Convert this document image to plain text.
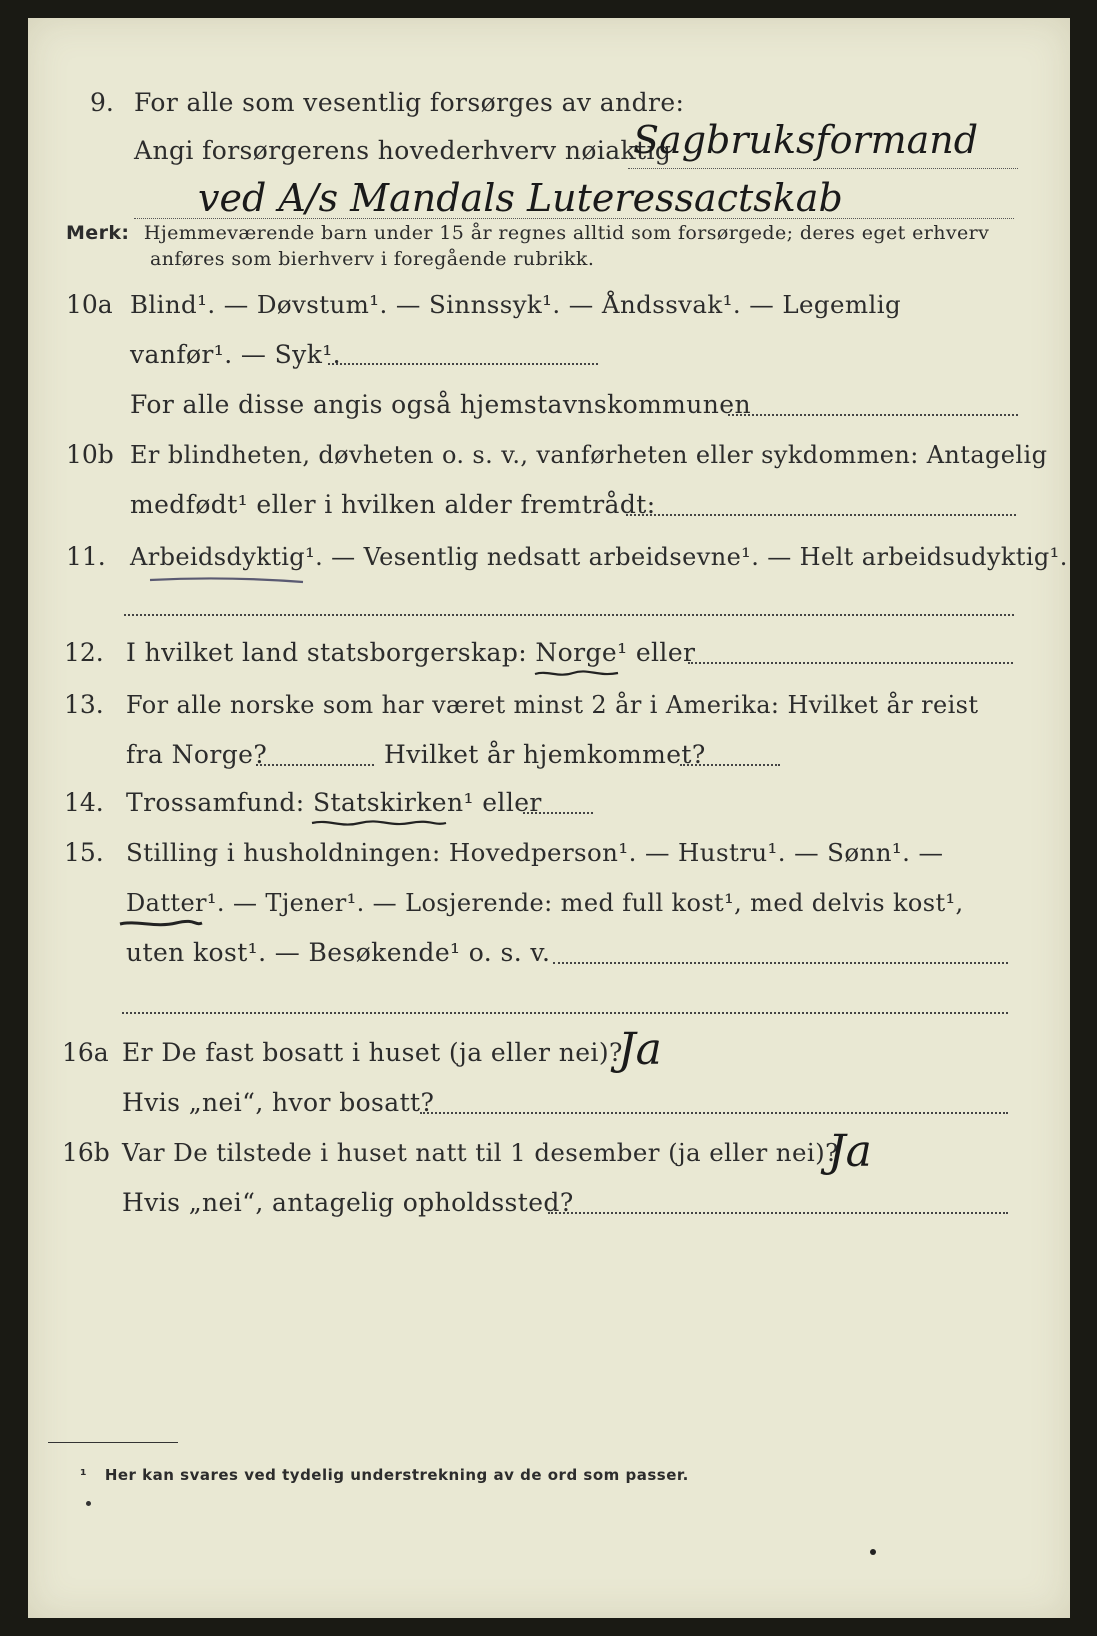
9. For alle som vesentlig forsørges av andre:
Angi forsørgerens hovederhverv nøiaktig
Sagbruksformand
ved A/s Mandals Luteressactskab
Merk: Hjemmeværende barn under 15 år regnes alltid som forsørgede; deres eget erhverv
anføres som bierhverv i foregående rubrikk.
10a Blind¹. — Døvstum¹. — Sinnssyk¹. — Åndssvak¹. — Legemlig
vanfør¹. — Syk¹.
For alle disse angis også hjemstavnskommunen
10b Er blindheten, døvheten o. s. v., vanførheten eller sykdommen: Antagelig
medfødt¹ eller i hvilken alder fremtrådt:
11. Arbeidsdyktig¹. — Vesentlig nedsatt arbeidsevne¹. — Helt arbeidsudyktig¹.
12. I hvilket land statsborgerskap: Norge¹ eller
13. For alle norske som har været minst 2 år i Amerika: Hvilket år reist
fra Norge?	Hvilket år hjemkommet?
14. Trossamfund: Statskirken¹ eller
15. Stilling i husholdningen: Hovedperson¹. — Hustru¹. — Sønn¹. —
Datter¹. — Tjener¹. — Losjerende: med full kost¹, med delvis kost¹,
uten kost¹. — Besøkende¹ o. s. v.
16a Er De fast bosatt i huset (ja eller nei)?
Ja
Hvis „nei“, hvor bosatt?
16b Var De tilstede i huset natt til 1 desember (ja eller nei)?
Ja
Hvis „nei“, antagelig opholdssted?
¹ Her kan svares ved tydelig understrekning av de ord som passer.
